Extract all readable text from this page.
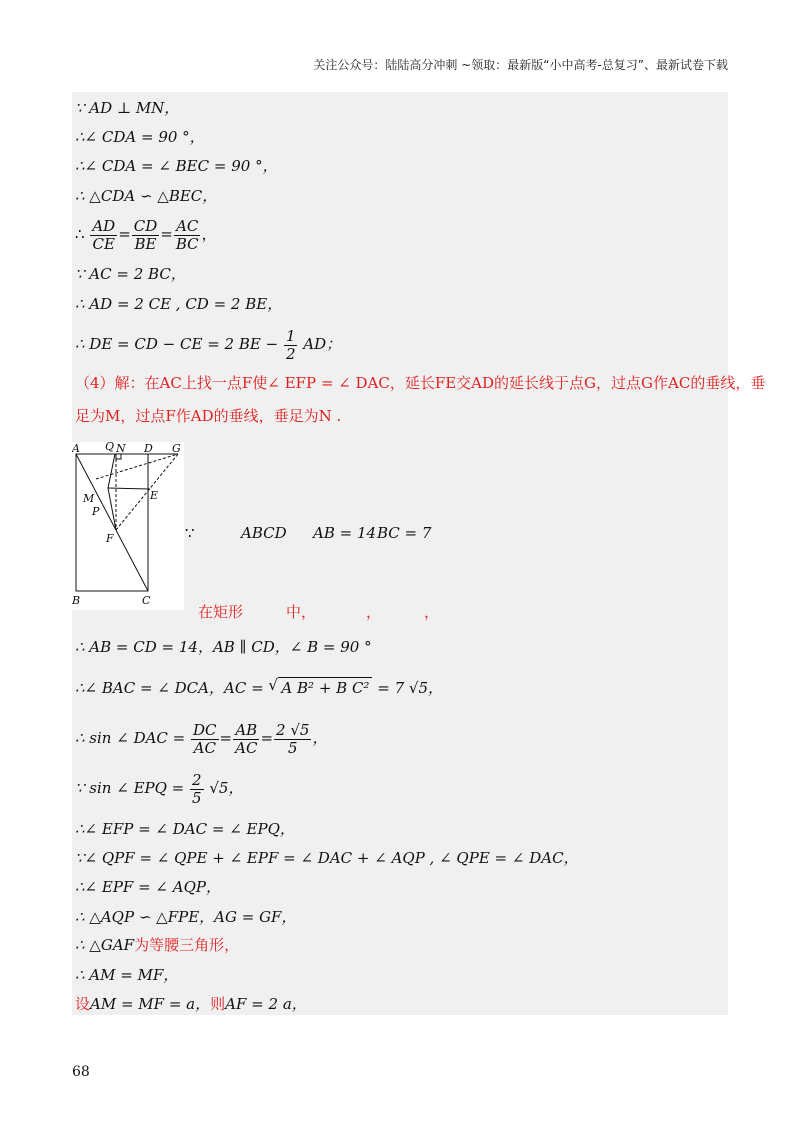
关注公众号：陆陆高分冲刺 ~领取：最新版“小中高考-总复习”、最新试卷下载
∵ AD ⊥ MN，
∴∠ CDA = 90 °，
∴∠ CDA = ∠ BEC = 90 °，
∴ △CDA ∽ △BEC，
∴ $\frac{AD}{CE} = \frac{CD}{BE} = \frac{AC}{BC}$ ，
∵ AC = 2 BC，
∴ AD = 2 CE , CD = 2 BE，
∴ DE = CD − CE = 2 BE − $\frac{1}{2}$ AD；
（4）解：在AC上找一点F使∠ EFP = ∠ DAC，延长FE交AD的延长线于点G，过点G作AC的垂线，垂
足为M，过点F作AD的垂线，垂足为N .
A Q N D G
M	E
P
F
B	C
∵	ABCD AB = 14 BC = 7
在矩形	中，	，	，
∴ AB = CD = 14，AB ∥ CD，∠ B = 90 °
∴∠ BAC = ∠ DCA，AC = √ A B² + B C² = 7 √5，
∴ sin ∠ DAC = $\frac{DC}{AC} = \frac{AB}{AC} = \frac{2 √5}{5}$ ，
∵ sin ∠ EPQ = $\frac{2}{5} √5$，
∴∠ EFP = ∠ DAC = ∠ EPQ，
∵∠ QPF = ∠ QPE + ∠ EPF = ∠ DAC + ∠ AQP , ∠ QPE = ∠ DAC，
∴∠ EPF = ∠ AQP，
∴ △AQP ∽ △FPE，AG = GF，
∴ △GAF为等腰三角形，
∴ AM = MF，
设AM = MF = a，则AF = 2 a，
68
